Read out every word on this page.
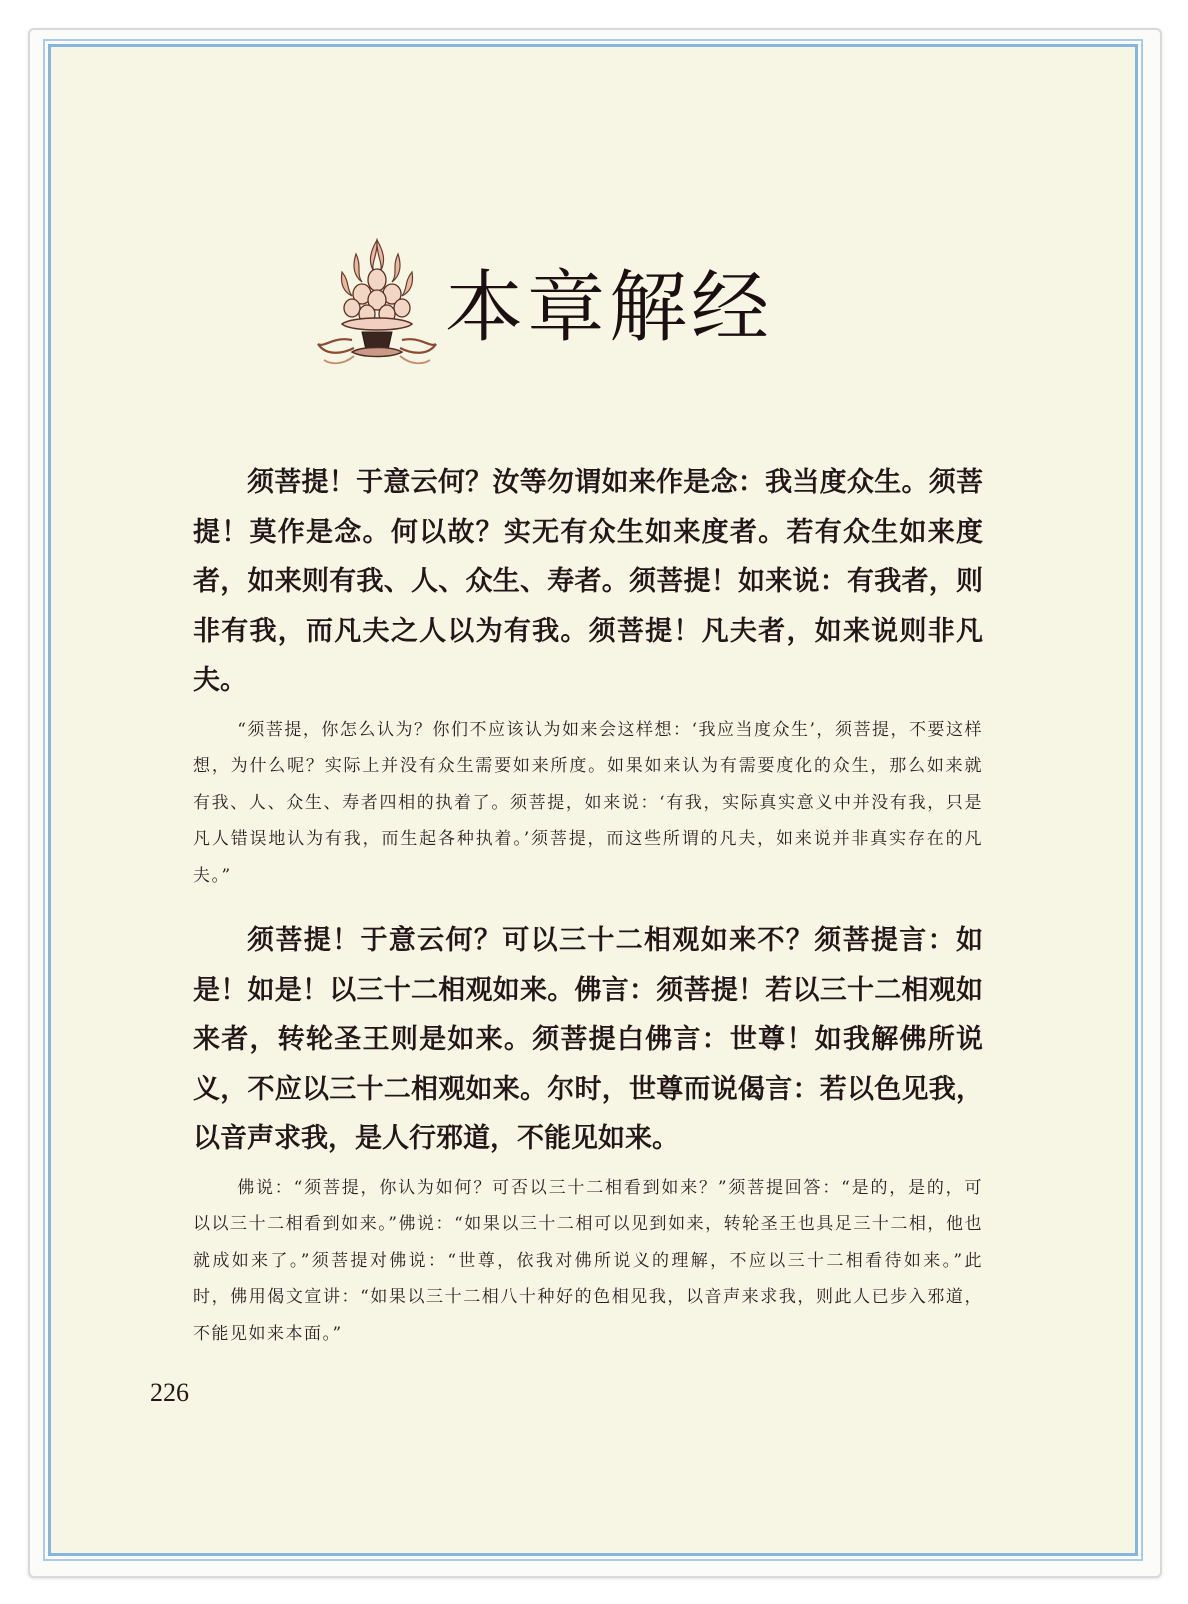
本章解经

须菩提！于意云何？汝等勿谓如来作是念：我当度众生。须菩提！莫作是念。何以故？实无有众生如来度者。若有众生如来度者，如来则有我、人、众生、寿者。须菩提！如来说：有我者，则非有我，而凡夫之人以为有我。须菩提！凡夫者，如来说则非凡夫。

“须菩提，你怎么认为？你们不应该认为如来会这样想：‘我应当度众生’，须菩提，不要这样想，为什么呢？实际上并没有众生需要如来所度。如果如来认为有需要度化的众生，那么如来就有我、人、众生、寿者四相的执着了。须菩提，如来说：‘有我，实际真实意义中并没有我，只是凡人错误地认为有我，而生起各种执着。’须菩提，而这些所谓的凡夫，如来说并非真实存在的凡夫。”

须菩提！于意云何？可以三十二相观如来不？须菩提言：如是！如是！以三十二相观如来。佛言：须菩提！若以三十二相观如来者，转轮圣王则是如来。须菩提白佛言：世尊！如我解佛所说义，不应以三十二相观如来。尔时，世尊而说偈言：若以色见我，以音声求我，是人行邪道，不能见如来。

佛说：“须菩提，你认为如何？可否以三十二相看到如来？”须菩提回答：“是的，是的，可以以三十二相看到如来。”佛说：“如果以三十二相可以见到如来，转轮圣王也具足三十二相，他也就成如来了。”须菩提对佛说：“世尊，依我对佛所说义的理解，不应以三十二相看待如来。”此时，佛用偈文宣讲：“如果以三十二相八十种好的色相见我，以音声来求我，则此人已步入邪道，不能见如来本面。”

226
